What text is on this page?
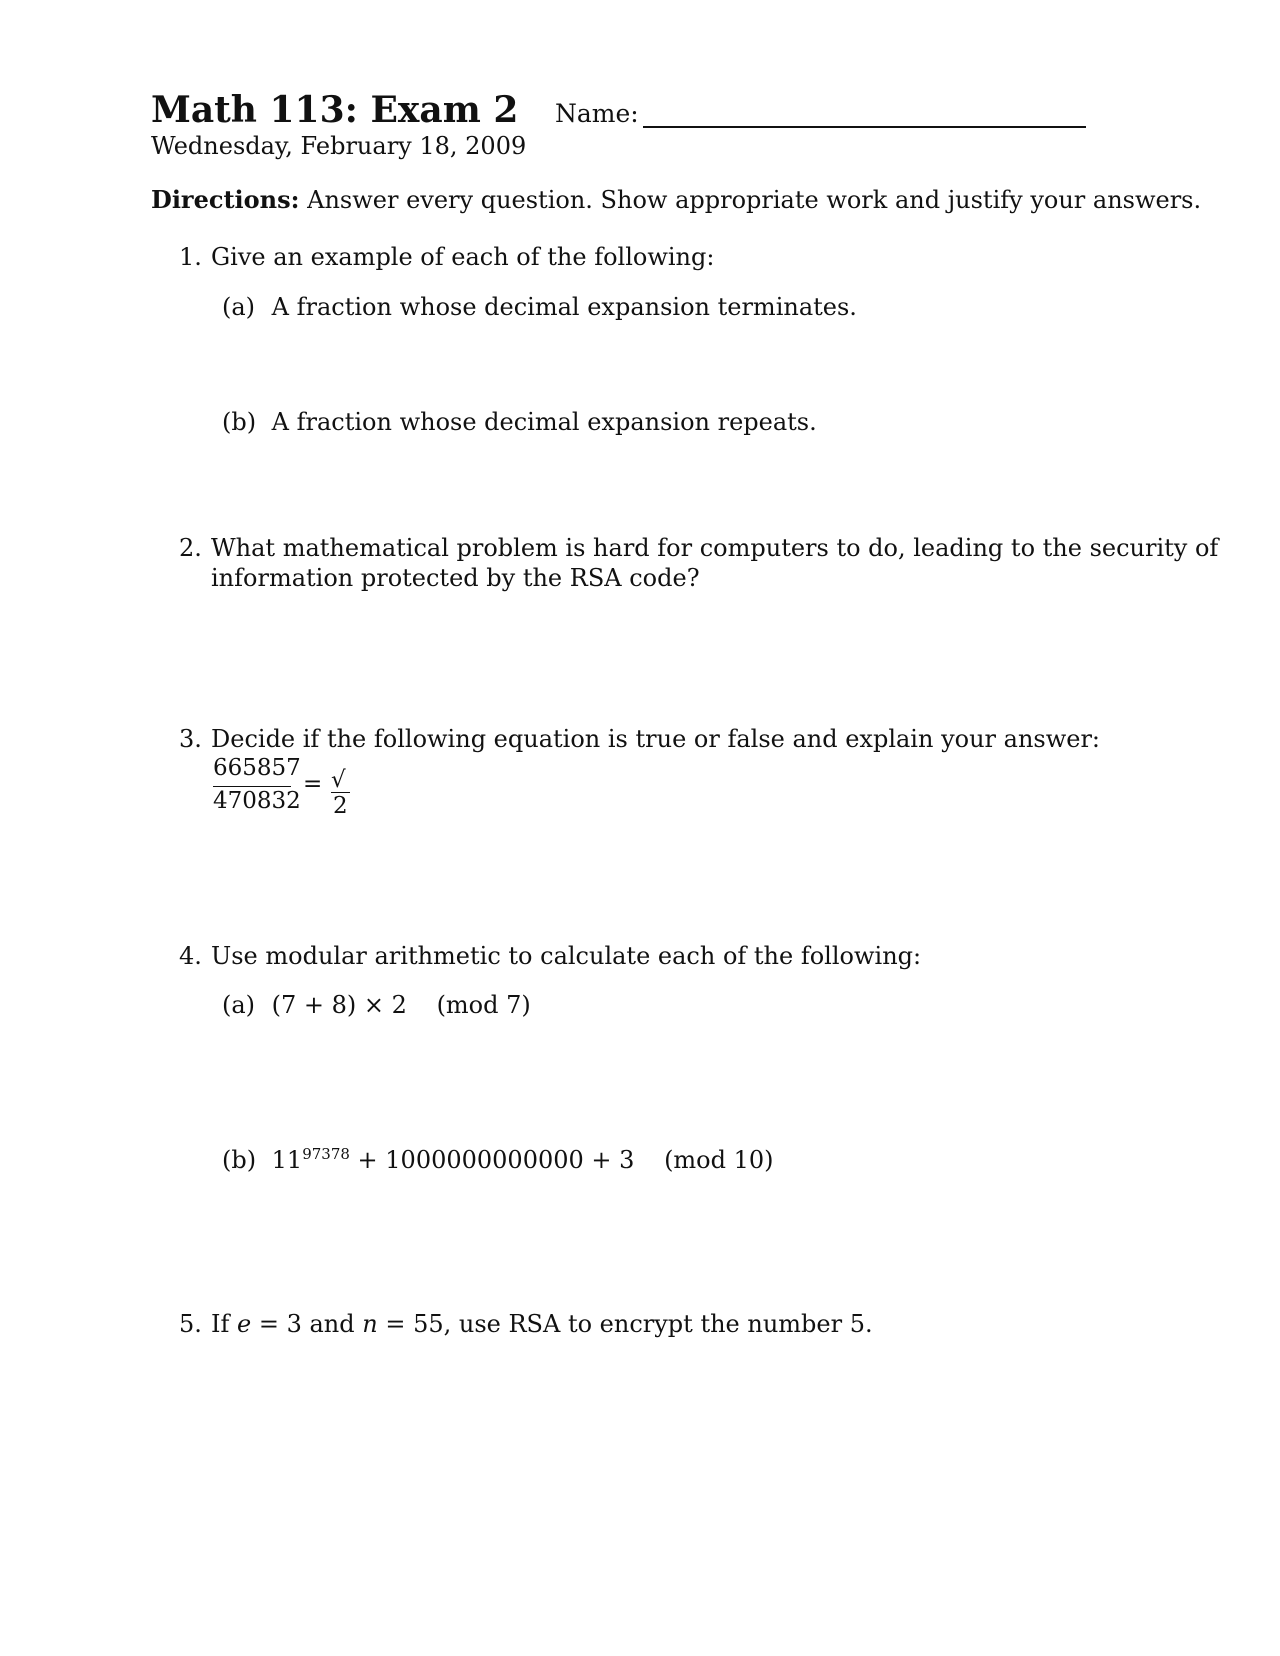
Math 113: Exam 2
Wednesday, February 18, 2009
Name:
Directions: Answer every question. Show appropriate work and justify your answers.
1. Give an example of each of the following:
(a) A fraction whose decimal expansion terminates.
(b) A fraction whose decimal expansion repeats.
2. What mathematical problem is hard for computers to do, leading to the security of
information protected by the RSA code?
3. Decide if the following equation is true or false and explain your answer:
665857
470832
= √2
4. Use modular arithmetic to calculate each of the following:
(a) (7 + 8) × 2 (mod 7)
(b) $11^{97378} + 1000000000000 + 3$ (mod 10)
5. If e = 3 and n = 55, use RSA to encrypt the number 5.
